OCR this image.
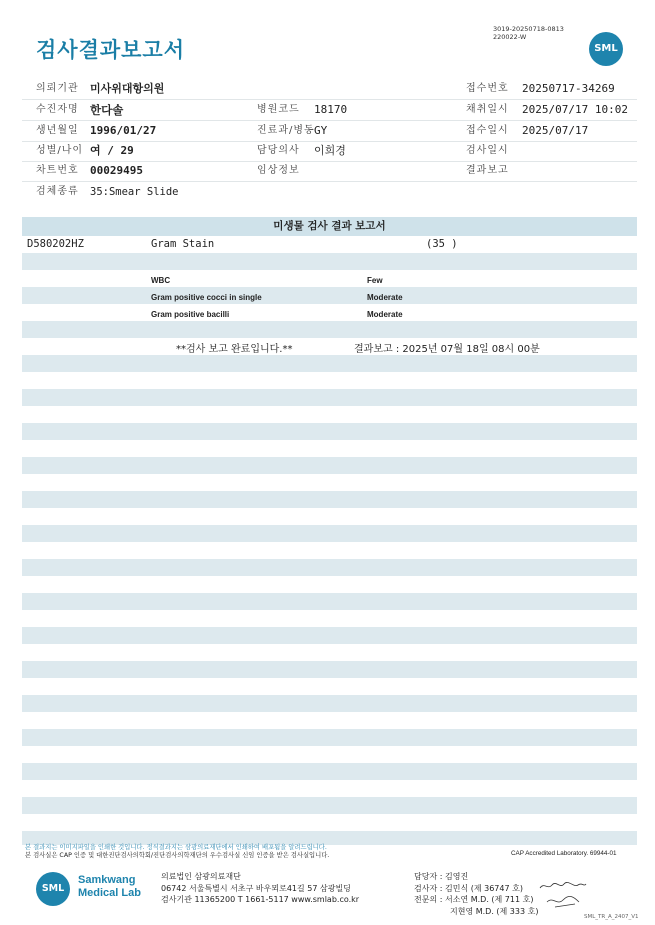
검사결과보고서
3019-20250718-0813
220022-W
SML
의뢰기관 미사위대항의원	접수번호 20250717-34269
수진자명 한다솔	병원코드 18170	채취일시 2025/07/17 10:02
생년월일 1996/01/27	진료과/병동 GY	접수일시 2025/07/17
성별/나이 여 / 29	담당의사 이희경	검사일시
차트번호 00029495	임상정보	결과보고
검체종류 35:Smear Slide
미생물 검사 결과 보고서
D580202HZ	Gram Stain	(35 )
WBC	Few
Gram positive cocci in single	Moderate
Gram positive bacilli	Moderate
**검사 보고 완료입니다.**	결과보고 : 2025년 07월 18일 08시 00분
본 결과지는 이미지파일을 인쇄한 것입니다. 정식결과지는 삼광의료재단에서 인쇄하여 배포됨을 알려드립니다.
본 검사실은 CAP 인증 및 대한진단검사의학회/진단검사의학재단의 우수검사실 신임 인증을 받은 검사실입니다.	CAP Accredited Laboratory. 69944-01
SML
Samkwang
Medical Lab
의료법인 삼광의료재단
06742 서울특별시 서초구 바우뫼로41길 57 삼광빌딩
검사기관 11365200 T 1661-5117 www.smlab.co.kr
담당자 : 김영진
검사자 : 김민식 (제 36747 호)
전문의 : 서소연 M.D. (제 711 호)
지현영 M.D. (제 333 호)
SML_TR_A_2407_V1
